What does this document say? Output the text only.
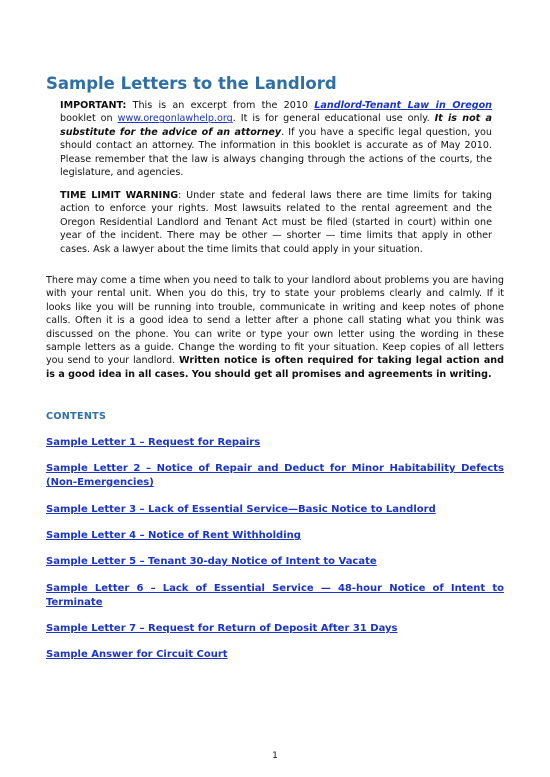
Sample Letters to the Landlord

IMPORTANT: This is an excerpt from the 2010 Landlord-Tenant Law in Oregon booklet on www.oregonlawhelp.org. It is for general educational use only. It is not a substitute for the advice of an attorney. If you have a specific legal question, you should contact an attorney. The information in this booklet is accurate as of May 2010. Please remember that the law is always changing through the actions of the courts, the legislature, and agencies.

TIME LIMIT WARNING: Under state and federal laws there are time limits for taking action to enforce your rights. Most lawsuits related to the rental agreement and the Oregon Residential Landlord and Tenant Act must be filed (started in court) within one year of the incident. There may be other — shorter — time limits that apply in other cases. Ask a lawyer about the time limits that could apply in your situation.

There may come a time when you need to talk to your landlord about problems you are having with your rental unit. When you do this, try to state your problems clearly and calmly. If it looks like you will be running into trouble, communicate in writing and keep notes of phone calls. Often it is a good idea to send a letter after a phone call stating what you think was discussed on the phone. You can write or type your own letter using the wording in these sample letters as a guide. Change the wording to fit your situation. Keep copies of all letters you send to your landlord. Written notice is often required for taking legal action and is a good idea in all cases. You should get all promises and agreements in writing.

CONTENTS
Sample Letter 1 – Request for Repairs
Sample Letter 2 – Notice of Repair and Deduct for Minor Habitability Defects (Non-Emergencies)
Sample Letter 3 – Lack of Essential Service—Basic Notice to Landlord
Sample Letter 4 – Notice of Rent Withholding
Sample Letter 5 – Tenant 30-day Notice of Intent to Vacate
Sample Letter 6 – Lack of Essential Service — 48-hour Notice of Intent to Terminate
Sample Letter 7 – Request for Return of Deposit After 31 Days
Sample Answer for Circuit Court
1
